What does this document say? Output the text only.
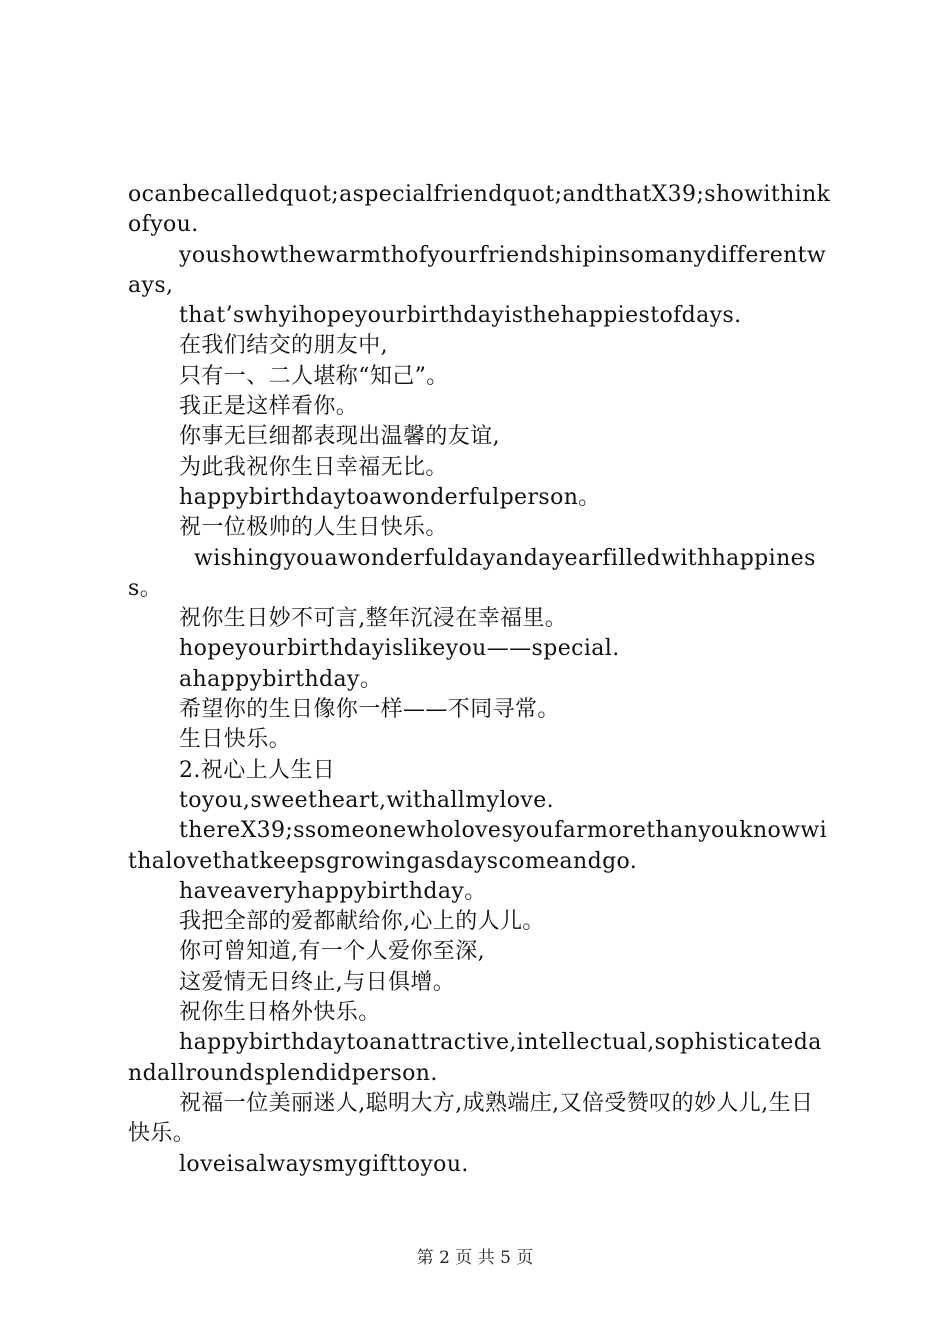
ocanbecalledquot;aspecialfriendquot;andthatX39;showithinkofyou.

youshowthewarmthofyourfriendshipinsomanydifferentways,

that’swhyihopeyourbirthdayisthehappiestofdays.

在我们结交的朋友中,

只有一、二人堪称“知己”。

我正是这样看你。

你事无巨细都表现出温馨的友谊,

为此我祝你生日幸福无比。

happybirthdaytoawonderfulperson。

祝一位极帅的人生日快乐。

wishingyouawonderfuldayandayearfilledwithhappiness。

祝你生日妙不可言,整年沉浸在幸福里。

hopeyourbirthdayislikeyou——special.

ahappybirthday。

希望你的生日像你一样——不同寻常。

生日快乐。

2.祝心上人生日

toyou,sweetheart,withallmylove.

thereX39;ssomeonewholovesyoufarmorethanyouknowwithalovethatkeepsgrowingasdayscomeandgo.

haveaveryhappybirthday。

我把全部的爱都献给你,心上的人儿。

你可曾知道,有一个人爱你至深,

这爱情无日终止,与日俱增。

祝你生日格外快乐。

happybirthdaytoanattractive,intellectual,sophisticatedandallroundsplendidperson.

祝福一位美丽迷人,聪明大方,成熟端庄,又倍受赞叹的妙人儿,生日快乐。

loveisalwaysmygifttoyou.

第 2 页 共 5 页
